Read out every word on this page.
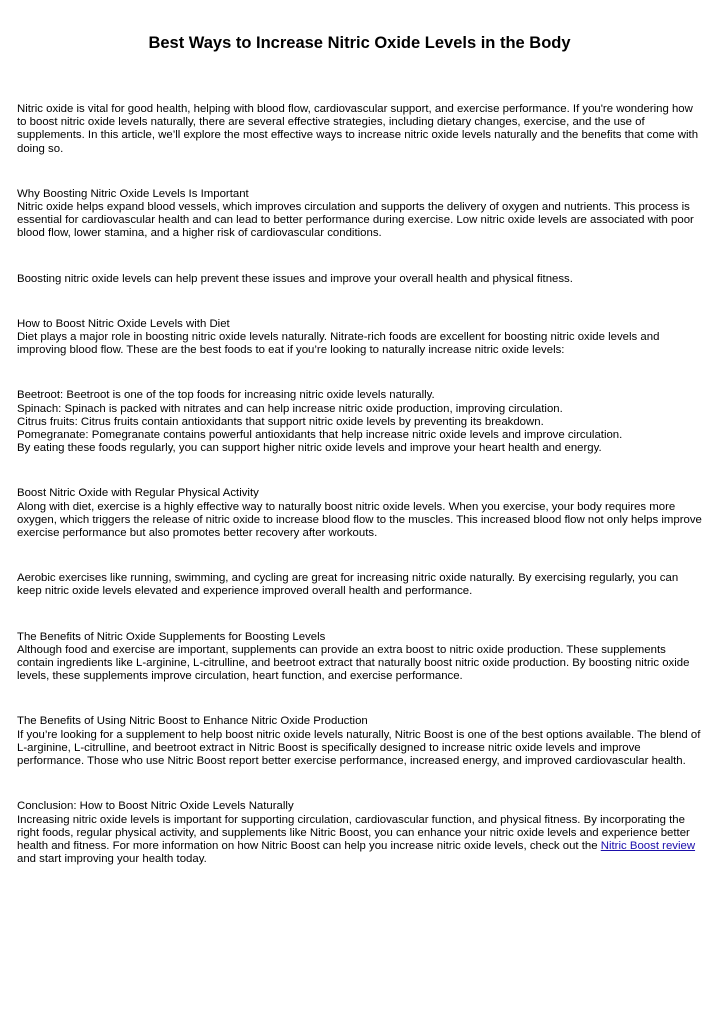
Best Ways to Increase Nitric Oxide Levels in the Body

Nitric oxide is vital for good health, helping with blood flow, cardiovascular support, and exercise performance. If you're wondering how to boost nitric oxide levels naturally, there are several effective strategies, including dietary changes, exercise, and the use of supplements. In this article, we’ll explore the most effective ways to increase nitric oxide levels naturally and the benefits that come with doing so.

Why Boosting Nitric Oxide Levels Is Important
Nitric oxide helps expand blood vessels, which improves circulation and supports the delivery of oxygen and nutrients. This process is essential for cardiovascular health and can lead to better performance during exercise. Low nitric oxide levels are associated with poor blood flow, lower stamina, and a higher risk of cardiovascular conditions.

Boosting nitric oxide levels can help prevent these issues and improve your overall health and physical fitness.

How to Boost Nitric Oxide Levels with Diet
Diet plays a major role in boosting nitric oxide levels naturally. Nitrate-rich foods are excellent for boosting nitric oxide levels and improving blood flow. These are the best foods to eat if you’re looking to naturally increase nitric oxide levels:
Beetroot: Beetroot is one of the top foods for increasing nitric oxide levels naturally.
Spinach: Spinach is packed with nitrates and can help increase nitric oxide production, improving circulation.
Citrus fruits: Citrus fruits contain antioxidants that support nitric oxide levels by preventing its breakdown.
Pomegranate: Pomegranate contains powerful antioxidants that help increase nitric oxide levels and improve circulation.
By eating these foods regularly, you can support higher nitric oxide levels and improve your heart health and energy.
Boost Nitric Oxide with Regular Physical Activity
Along with diet, exercise is a highly effective way to naturally boost nitric oxide levels. When you exercise, your body requires more oxygen, which triggers the release of nitric oxide to increase blood flow to the muscles. This increased blood flow not only helps improve exercise performance but also promotes better recovery after workouts.

Aerobic exercises like running, swimming, and cycling are great for increasing nitric oxide naturally. By exercising regularly, you can keep nitric oxide levels elevated and experience improved overall health and performance.

The Benefits of Nitric Oxide Supplements for Boosting Levels
Although food and exercise are important, supplements can provide an extra boost to nitric oxide production. These supplements contain ingredients like L-arginine, L-citrulline, and beetroot extract that naturally boost nitric oxide production. By boosting nitric oxide levels, these supplements improve circulation, heart function, and exercise performance.
The Benefits of Using Nitric Boost to Enhance Nitric Oxide Production
If you’re looking for a supplement to help boost nitric oxide levels naturally, Nitric Boost is one of the best options available. The blend of L-arginine, L-citrulline, and beetroot extract in Nitric Boost is specifically designed to increase nitric oxide levels and improve performance. Those who use Nitric Boost report better exercise performance, increased energy, and improved cardiovascular health.
Conclusion: How to Boost Nitric Oxide Levels Naturally
Increasing nitric oxide levels is important for supporting circulation, cardiovascular function, and physical fitness. By incorporating the right foods, regular physical activity, and supplements like Nitric Boost, you can enhance your nitric oxide levels and experience better health and fitness. For more information on how Nitric Boost can help you increase nitric oxide levels, check out the Nitric Boost review and start improving your health today.
